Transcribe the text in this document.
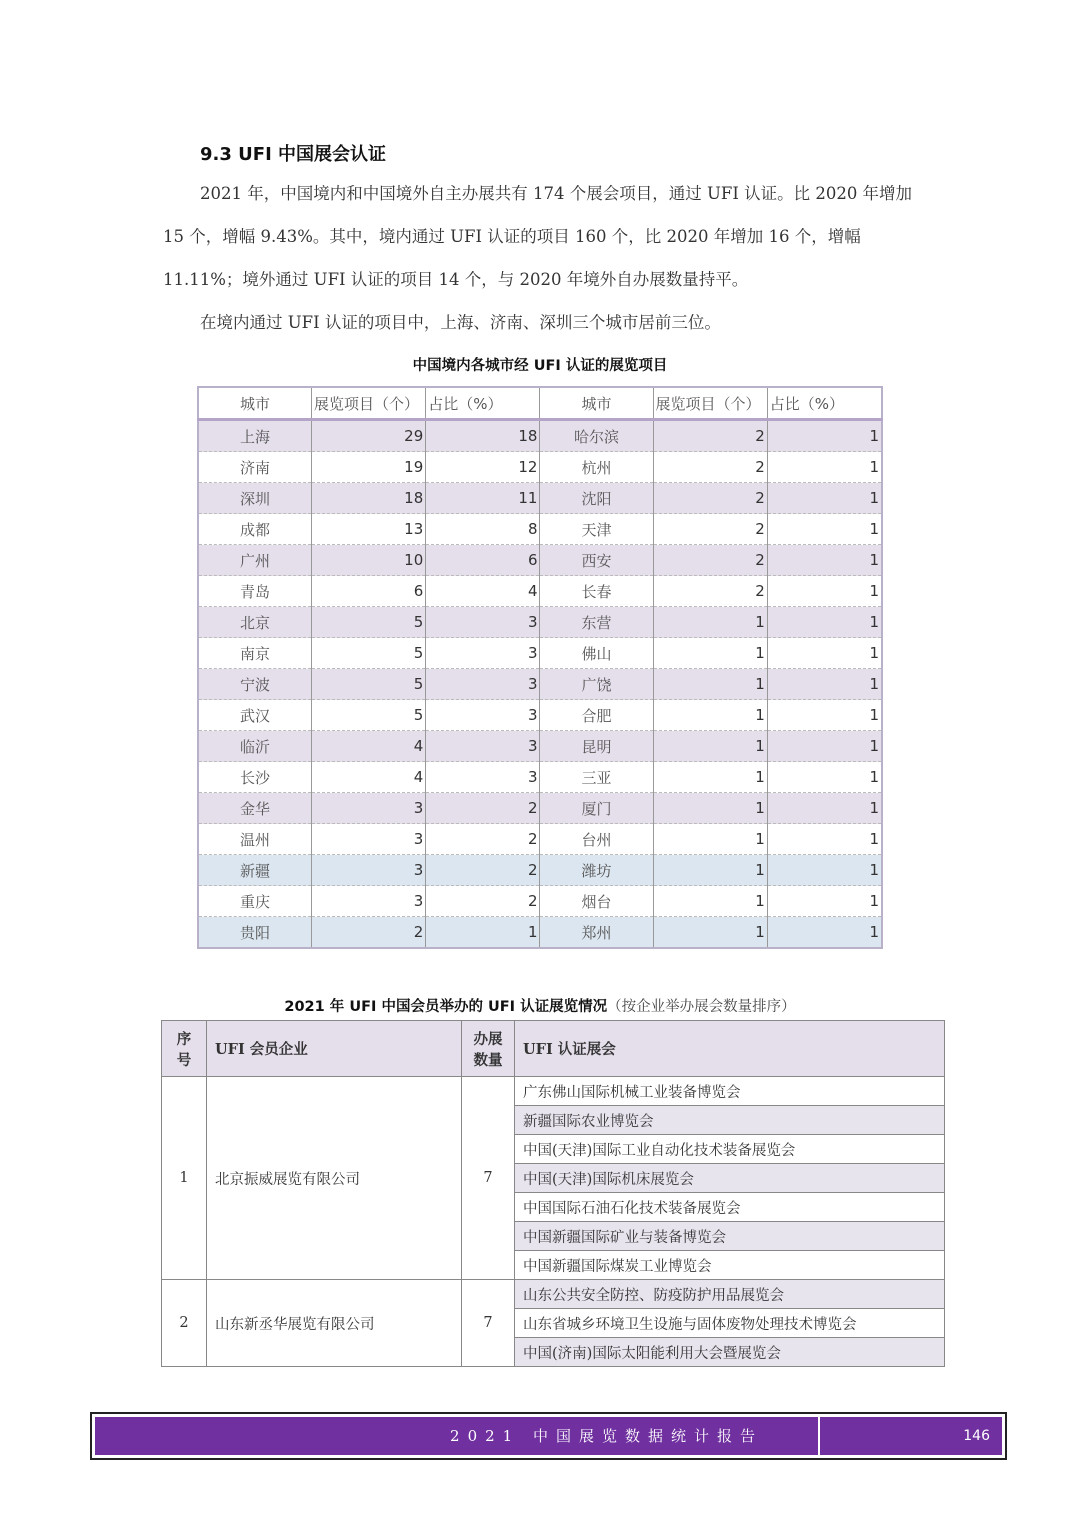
9.3 UFI 中国展会认证
2021 年，中国境内和中国境外自主办展共有 174 个展会项目，通过 UFI 认证。比 2020 年增加 15 个，增幅 9.43%。其中，境内通过 UFI 认证的项目 160 个，比 2020 年增加 16 个，增幅 11.11%；境外通过 UFI 认证的项目 14 个，与 2020 年境外自办展数量持平。
在境内通过 UFI 认证的项目中，上海、济南、深圳三个城市居前三位。
中国境内各城市经 UFI 认证的展览项目
城市	展览项目（个）	占比（%）	城市	展览项目（个）	占比（%）
上海	29	18	哈尔滨	2	1
济南	19	12	杭州	2	1
深圳	18	11	沈阳	2	1
成都	13	8	天津	2	1
广州	10	6	西安	2	1
青岛	6	4	长春	2	1
北京	5	3	东营	1	1
南京	5	3	佛山	1	1
宁波	5	3	广饶	1	1
武汉	5	3	合肥	1	1
临沂	4	3	昆明	1	1
长沙	4	3	三亚	1	1
金华	3	2	厦门	1	1
温州	3	2	台州	1	1
新疆	3	2	潍坊	1	1
重庆	3	2	烟台	1	1
贵阳	2	1	郑州	1	1
2021 年 UFI 中国会员举办的 UFI 认证展览情况（按企业举办展会数量排序）
序号	UFI 会员企业	办展数量	UFI 认证展会
1	北京振威展览有限公司	7	广东佛山国际机械工业装备博览会
			新疆国际农业博览会
			中国(天津)国际工业自动化技术装备展览会
			中国(天津)国际机床展览会
			中国国际石油石化技术装备展览会
			中国新疆国际矿业与装备博览会
			中国新疆国际煤炭工业博览会
2	山东新丞华展览有限公司	7	山东公共安全防控、防疫防护用品展览会
			山东省城乡环境卫生设施与固体废物处理技术博览会
			中国(济南)国际太阳能利用大会暨展览会
2021 中国展览数据统计报告	146
